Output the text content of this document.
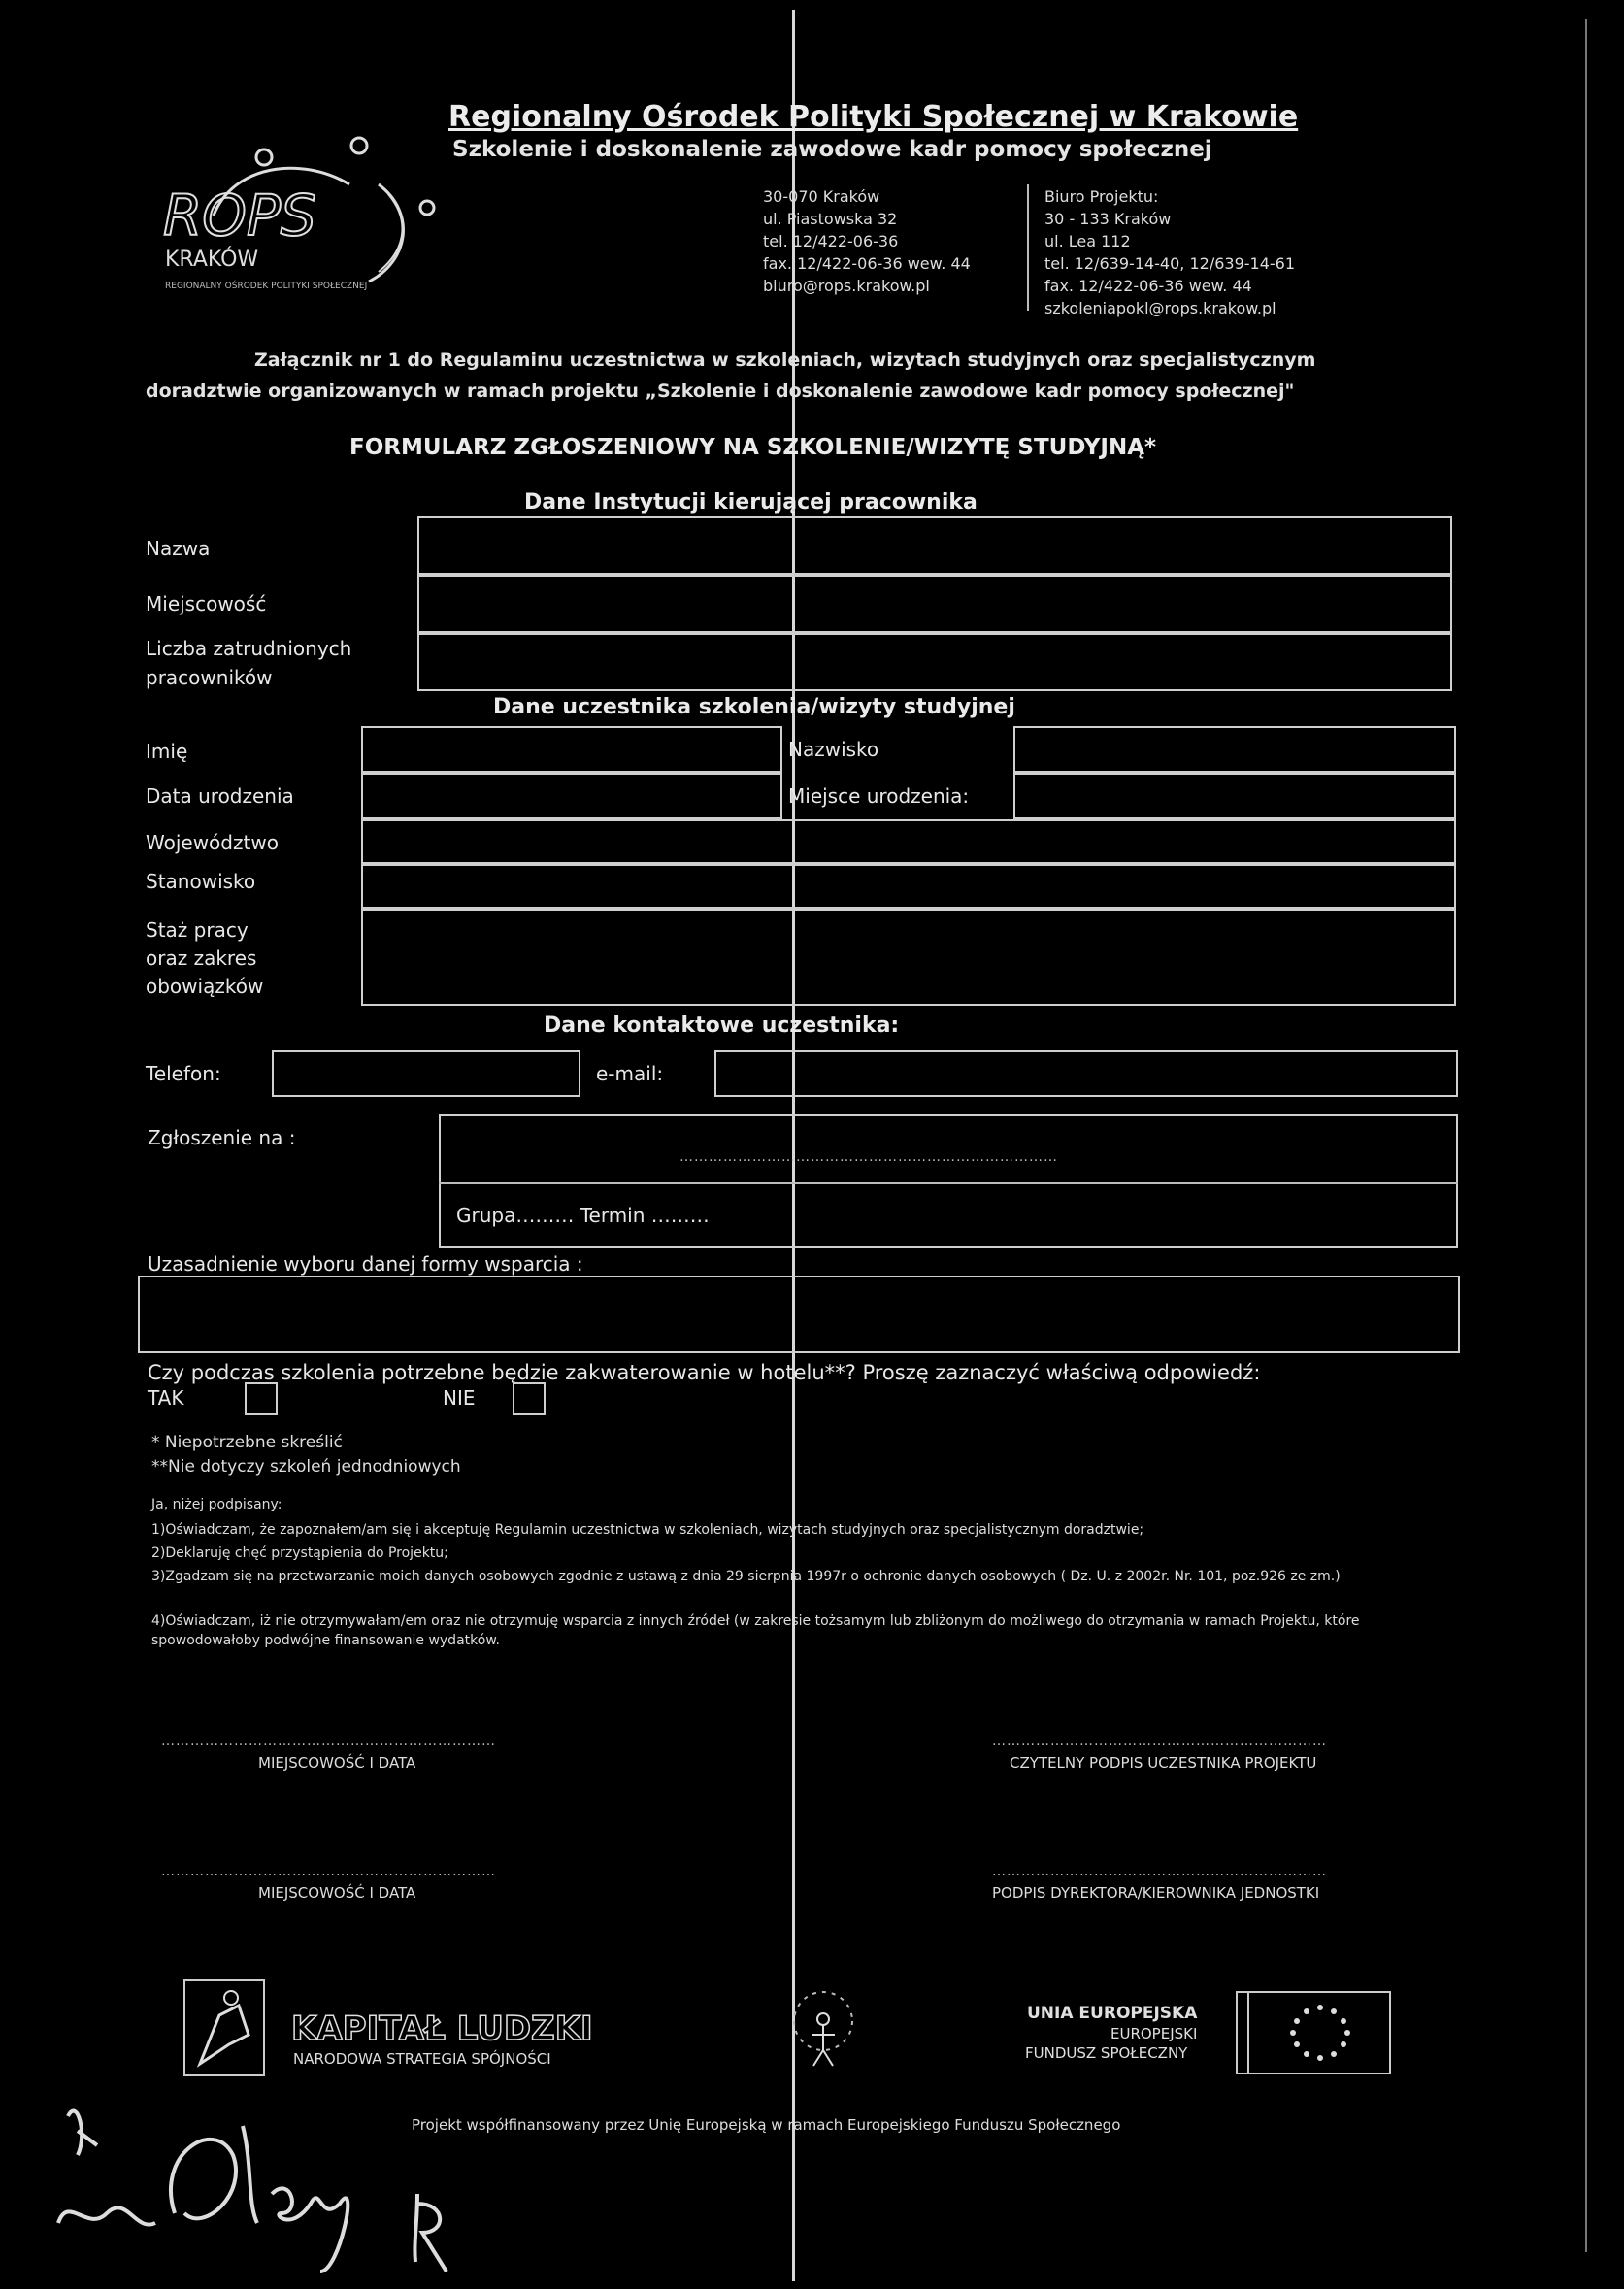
ROPS
KRAKÓW
REGIONALNY OŚRODEK POLITYKI SPOŁECZNEJ
Regionalny Ośrodek Polityki Społecznej w Krakowie
Szkolenie i doskonalenie zawodowe kadr pomocy społecznej
30-070 Kraków
ul. Piastowska 32
tel. 12/422-06-36
fax. 12/422-06-36 wew. 44
biuro@rops.krakow.pl
Biuro Projektu:
30 - 133 Kraków
ul. Lea 112
tel. 12/639-14-40, 12/639-14-61
fax. 12/422-06-36 wew. 44
szkoleniapokl@rops.krakow.pl
Załącznik nr 1 do Regulaminu uczestnictwa w szkoleniach, wizytach studyjnych oraz specjalistycznym
doradztwie organizowanych w ramach projektu „Szkolenie i doskonalenie zawodowe kadr pomocy społecznej"
FORMULARZ ZGŁOSZENIOWY NA SZKOLENIE/WIZYTĘ STUDYJNĄ*
Dane Instytucji kierującej pracownika
Nazwa
Miejscowość
Liczba zatrudnionych
pracowników
Dane uczestnika szkolenia/wizyty studyjnej
Imię	Nazwisko
Data urodzenia	Miejsce urodzenia:
Województwo
Stanowisko
Staż pracy
oraz zakres
obowiązków
Dane kontaktowe uczestnika:
Telefon:	e-mail:
Zgłoszenie na :
……………………………………………………………………
Grupa……… Termin ………
Uzasadnienie wyboru danej formy wsparcia :
Czy podczas szkolenia potrzebne będzie zakwaterowanie w hotelu**? Proszę zaznaczyć właściwą odpowiedź:
TAK	NIE
* Niepotrzebne skreślić
**Nie dotyczy szkoleń jednodniowych
Ja, niżej podpisany:
1)Oświadczam, że zapoznałem/am się i akceptuję Regulamin uczestnictwa w szkoleniach, wizytach studyjnych oraz specjalistycznym doradztwie;
2)Deklaruję chęć przystąpienia do Projektu;
3)Zgadzam się na przetwarzanie moich danych osobowych zgodnie z ustawą z dnia 29 sierpnia 1997r o ochronie danych osobowych ( Dz. U. z 2002r. Nr. 101, poz.926 ze zm.)
4)Oświadczam, iż nie otrzymywałam/em oraz nie otrzymuję wsparcia z innych źródeł (w zakresie tożsamym lub zbliżonym do możliwego do otrzymania w ramach Projektu, które spowodowałoby podwójne finansowanie wydatków.
……………………………………………………………
MIEJSCOWOŚĆ I DATA
……………………………………………………………
CZYTELNY PODPIS UCZESTNIKA PROJEKTU
……………………………………………………………
MIEJSCOWOŚĆ I DATA
……………………………………………………………
PODPIS DYREKTORA/KIEROWNIKA JEDNOSTKI
KAPITAŁ LUDZKI
NARODOWA STRATEGIA SPÓJNOŚCI
UNIA EUROPEJSKA
EUROPEJSKI
FUNDUSZ SPOŁECZNY
Projekt współfinansowany przez Unię Europejską w ramach Europejskiego Funduszu Społecznego
